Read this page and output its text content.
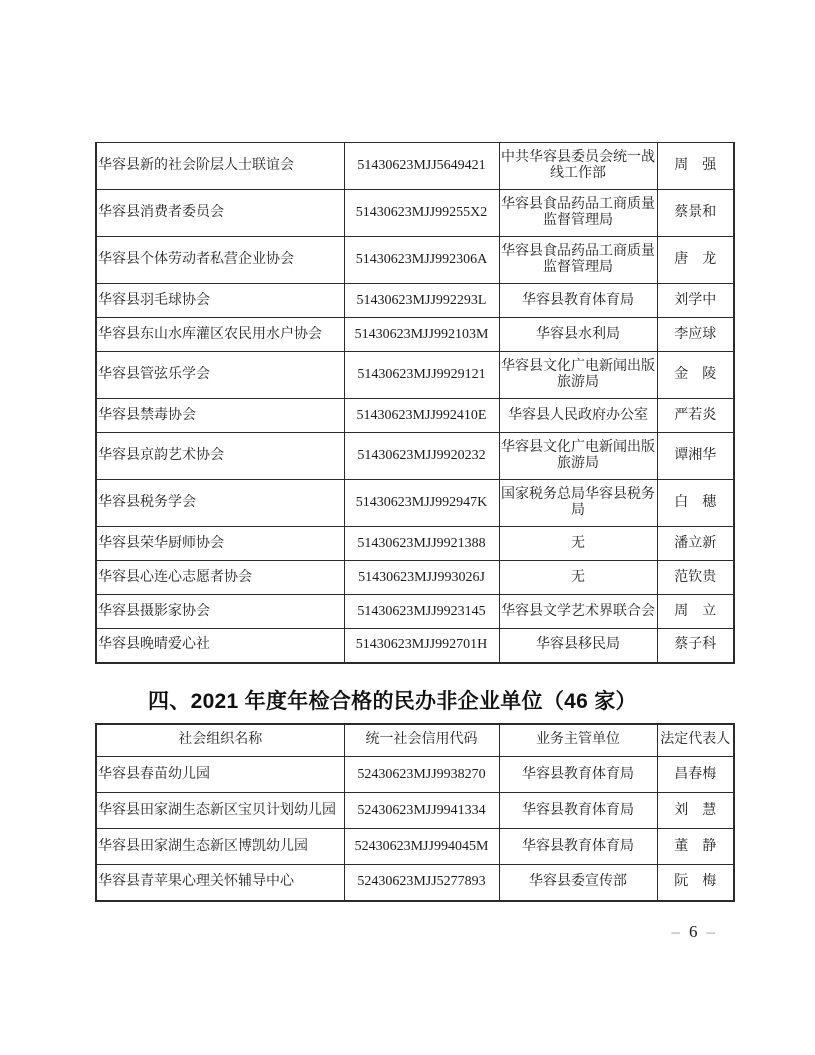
华容县新的社会阶层人士联谊会	51430623MJJ5649421	中共华容县委员会统一战线工作部	周　强
华容县消费者委员会	51430623MJJ99255X2	华容县食品药品工商质量监督管理局	蔡景和
华容县个体劳动者私营企业协会	51430623MJJ992306A	华容县食品药品工商质量监督管理局	唐　龙
华容县羽毛球协会	51430623MJJ992293L	华容县教育体育局	刘学中
华容县东山水库灌区农民用水户协会	51430623MJJ992103M	华容县水利局	李应球
华容县管弦乐学会	51430623MJJ9929121	华容县文化广电新闻出版旅游局	金　陵
华容县禁毒协会	51430623MJJ992410E	华容县人民政府办公室	严若炎
华容县京韵艺术协会	51430623MJJ9920232	华容县文化广电新闻出版旅游局	谭湘华
华容县税务学会	51430623MJJ992947K	国家税务总局华容县税务局	白　穗
华容县荣华厨师协会	51430623MJJ9921388	无	潘立新
华容县心连心志愿者协会	51430623MJJ993026J	无	范钦贵
华容县摄影家协会	51430623MJJ9923145	华容县文学艺术界联合会	周　立
华容县晚晴爱心社	51430623MJJ992701H	华容县移民局	蔡子科
四、2021 年度年检合格的民办非企业单位（46 家）
社会组织名称	统一社会信用代码	业务主管单位	法定代表人
华容县春苗幼儿园	52430623MJJ9938270	华容县教育体育局	昌春梅
华容县田家湖生态新区宝贝计划幼儿园	52430623MJJ9941334	华容县教育体育局	刘　慧
华容县田家湖生态新区博凯幼儿园	52430623MJJ994045M	华容县教育体育局	董　静
华容县青苹果心理关怀辅导中心	52430623MJJ5277893	华容县委宣传部	阮　梅
– 6 –
